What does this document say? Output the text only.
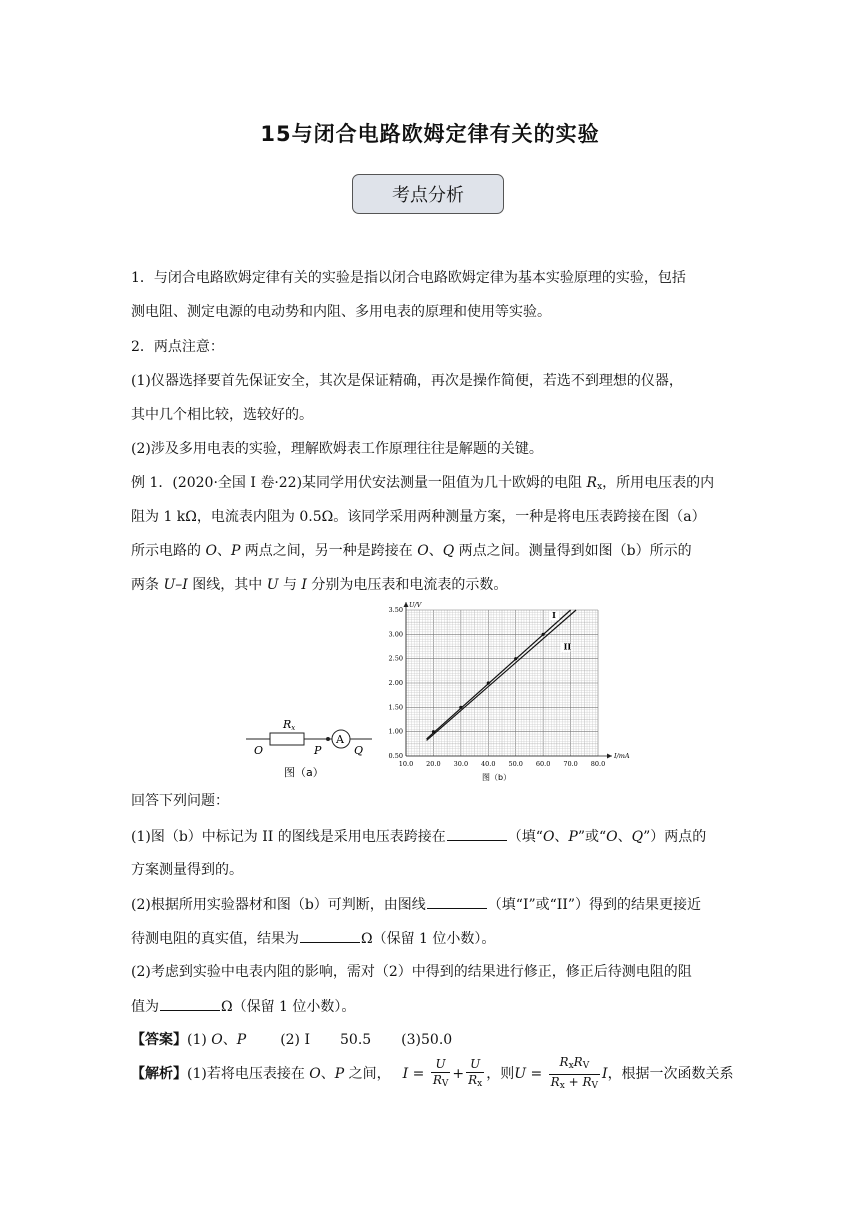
15与闭合电路欧姆定律有关的实验
考点分析
1．与闭合电路欧姆定律有关的实验是指以闭合电路欧姆定律为基本实验原理的实验，包括
测电阻、测定电源的电动势和内阻、多用电表的原理和使用等实验。
2．两点注意：
(1)仪器选择要首先保证安全，其次是保证精确，再次是操作简便，若选不到理想的仪器，
其中几个相比较，选较好的。
(2)涉及多用电表的实验，理解欧姆表工作原理往往是解题的关键。
例 1．(2020·全国 I 卷·22)某同学用伏安法测量一阻值为几十欧姆的电阻 $R_x$，所用电压表的内
阻为 1 kΩ，电流表内阻为 0.5Ω。该同学采用两种测量方案，一种是将电压表跨接在图（a）
所示电路的 O、P 两点之间，另一种是跨接在 O、Q 两点之间。测量得到如图（b）所示的
两条 U–I 图线，其中 U 与 I 分别为电压表和电流表的示数。
Rx
A
O	P	Q
图（a）
10.0 20.0 30.0 40.0 50.0 60.0 70.0 80.0
0.50
1.00
1.50
2.00
2.50
3.00
3.50
U/V
I/mA
图（b）
I
II
回答下列问题：
(1)图（b）中标记为 II 的图线是采用电压表跨接在	（填“O、P”或“O、Q”）两点的
方案测量得到的。
(2)根据所用实验器材和图（b）可判断，由图线	（填“I”或“II”）得到的结果更接近
待测电阻的真实值，结果为	Ω（保留 1 位小数）。
(2)考虑到实验中电表内阻的影响，需对（2）中得到的结果进行修正，修正后待测电阻的阻
值为	Ω（保留 1 位小数）。
【答案】(1) O、P (2) I 50.5 (3)50.0
【解析】(1)若将电压表接在 O、P 之间， $I = \frac{U}{R_V} + \frac{U}{R_x}$ ，则$U = \frac{R_xR_V}{R_x + R_V}$ I，根据一次函数关系
